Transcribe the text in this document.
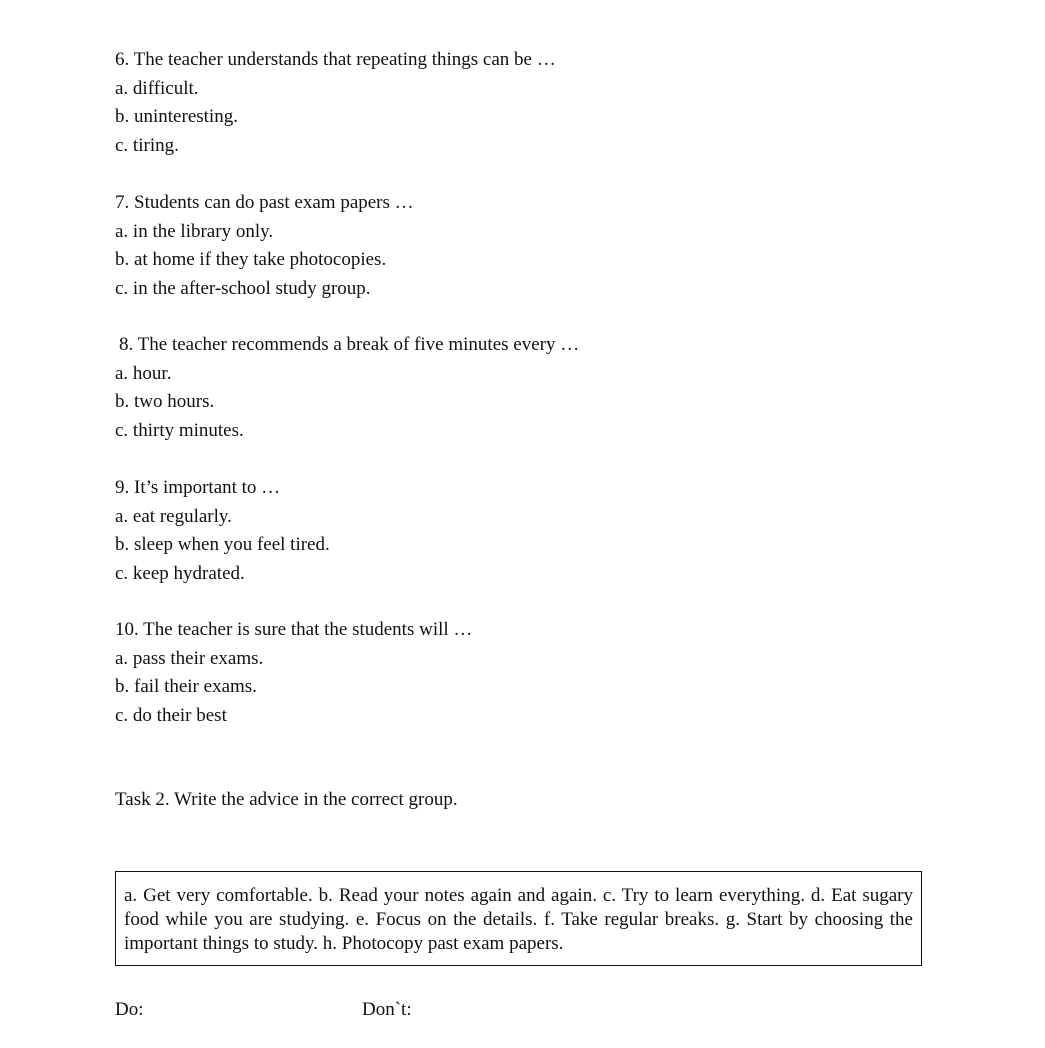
6. The teacher understands that repeating things can be …
a. difficult.
b. uninteresting.
c. tiring.
7. Students can do past exam papers …
a. in the library only.
b. at home if they take photocopies.
c. in the after-school study group.
8. The teacher recommends a break of five minutes every …
a. hour.
b. two hours.
c. thirty minutes.
9. It’s important to …
a. eat regularly.
b. sleep when you feel tired.
c. keep hydrated.
10. The teacher is sure that the students will …
a. pass their exams.
b. fail their exams.
c. do their best
Task 2. Write the advice in the correct group.
a. Get very comfortable. b. Read your notes again and again. c. Try to learn everything. d. Eat sugary food while you are studying. e. Focus on the details. f. Take regular breaks. g. Start by choosing the important things to study. h. Photocopy past exam papers.
Do:	Don`t:
